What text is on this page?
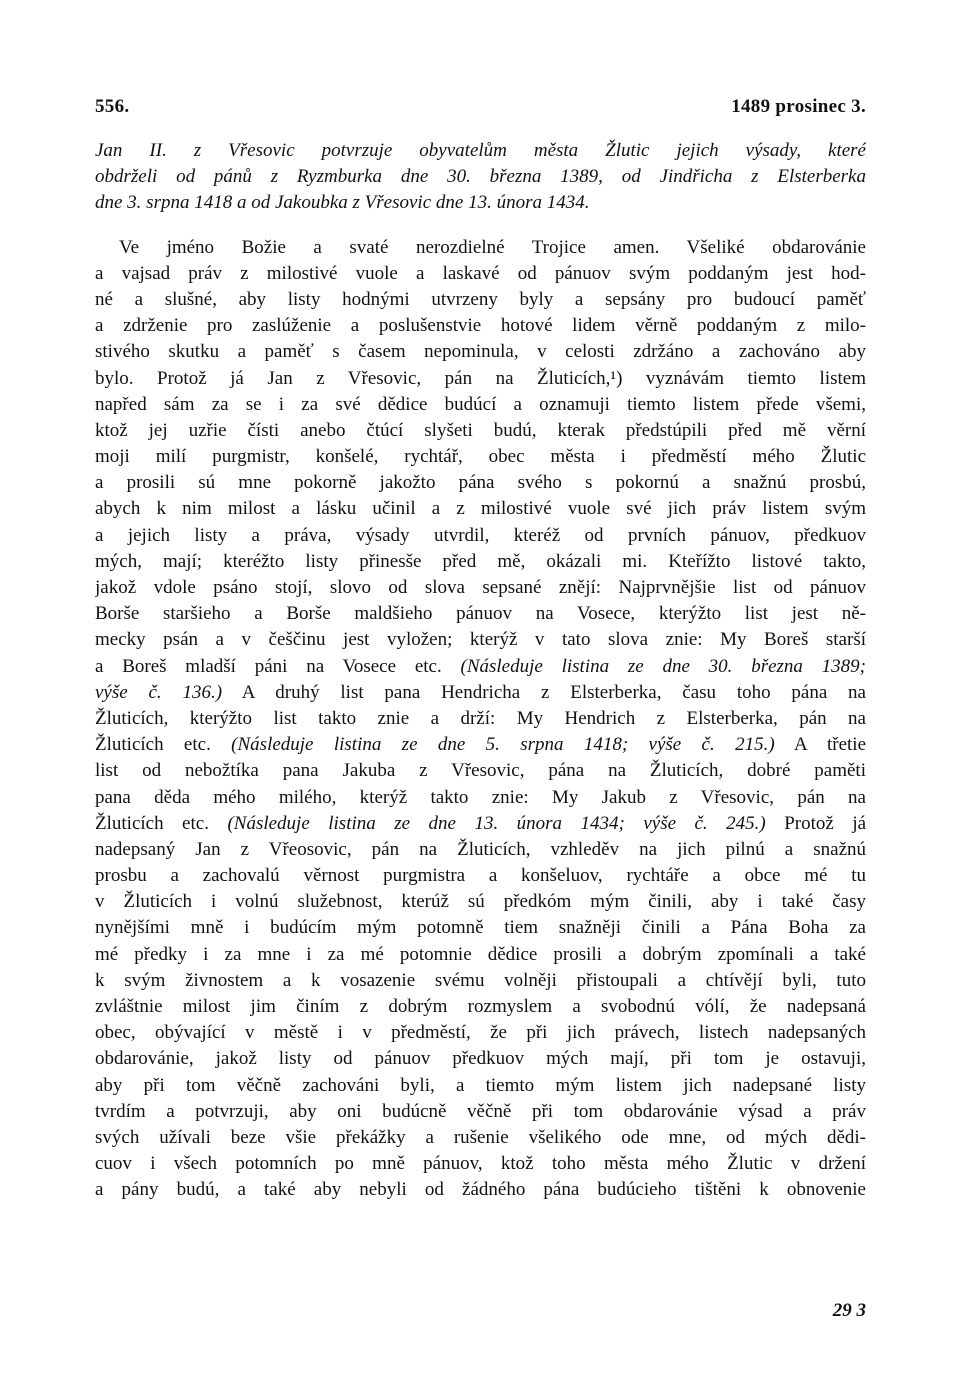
556.	1489 prosinec 3.
Jan II. z Vřesovic potvrzuje obyvatelům města Žlutic jejich výsady, které
obdrželi od pánů z Ryzmburka dne 30. března 1389, od Jindřicha z Elsterberka
dne 3. srpna 1418 a od Jakoubka z Vřesovic dne 13. února 1434.
Ve jméno Božie a svaté nerozdielné Trojice amen. Všeliké obdarovánie
a vajsad práv z milostivé vuole a laskavé od pánuov svým poddaným jest hod-
né a slušné, aby listy hodnými utvrzeny byly a sepsány pro budoucí paměť
a zdrženie pro zaslúženie a poslušenstvie hotové lidem věrně poddaným z milo-
stivého skutku a paměť s časem nepominula, v celosti zdržáno a zachováno aby
bylo. Protož já Jan z Vřesovic, pán na Žluticích,¹) vyznávám tiemto listem
napřed sám za se i za své dědice budúcí a oznamuji tiemto listem přede všemi,
ktož jej uzřie čísti anebo čtúcí slyšeti budú, kterak předstúpili před mě věrní
moji milí purgmistr, konšelé, rychtář, obec města i předměstí mého Žlutic
a prosili sú mne pokorně jakožto pána svého s pokornú a snažnú prosbú,
abych k nim milost a lásku učinil a z milostivé vuole své jich práv listem svým
a jejich listy a práva, výsady utvrdil, kteréž od prvních pánuov, předkuov
mých, mají; kteréžto listy přinesše před mě, okázali mi. Kteřížto listové takto,
jakož vdole psáno stojí, slovo od slova sepsané znějí: Najprvnějšie list od pánuov
Borše staršieho a Borše maldšieho pánuov na Vosece, kterýžto list jest ně-
mecky psán a v češčinu jest vyložen; kterýž v tato slova znie: My Boreš starší
a Boreš mladší páni na Vosece etc. (Následuje listina ze dne 30. března 1389;
výše č. 136.) A druhý list pana Hendricha z Elsterberka, času toho pána na
Žluticích, kterýžto list takto znie a drží: My Hendrich z Elsterberka, pán na
Žluticích etc. (Následuje listina ze dne 5. srpna 1418; výše č. 215.) A třetie
list od nebožtíka pana Jakuba z Vřesovic, pána na Žluticích, dobré paměti
pana děda mého milého, kterýž takto znie: My Jakub z Vřesovic, pán na
Žluticích etc. (Následuje listina ze dne 13. února 1434; výše č. 245.) Protož já
nadepsaný Jan z Vřeosovic, pán na Žluticích, vzhleděv na jich pilnú a snažnú
prosbu a zachovalú věrnost purgmistra a konšeluov, rychtáře a obce mé tu
v Žluticích i volnú služebnost, kterúž sú předkóm mým činili, aby i také časy
nynějšími mně i budúcím mým potomně tiem snažněji činili a Pána Boha za
mé předky i za mne i za mé potomnie dědice prosili a dobrým zpomínali a také
k svým živnostem a k vosazenie svému volněji přistoupali a chtívějí byli, tuto
zvláštnie milost jim činím z dobrým rozmyslem a svobodnú vólí, že nadepsaná
obec, obývající v městě i v předměstí, že při jich právech, listech nadepsaných
obdarovánie, jakož listy od pánuov předkuov mých mají, při tom je ostavuji,
aby při tom věčně zachováni byli, a tiemto mým listem jich nadepsané listy
tvrdím a potvrzuji, aby oni budúcně věčně při tom obdarovánie výsad a práv
svých užívali beze všie překážky a rušenie všelikého ode mne, od mých dědi-
cuov i všech potomních po mně pánuov, ktož toho města mého Žlutic v držení
a pány budú, a také aby nebyli od žádného pána budúcieho tištěni k obnovenie
29 3
